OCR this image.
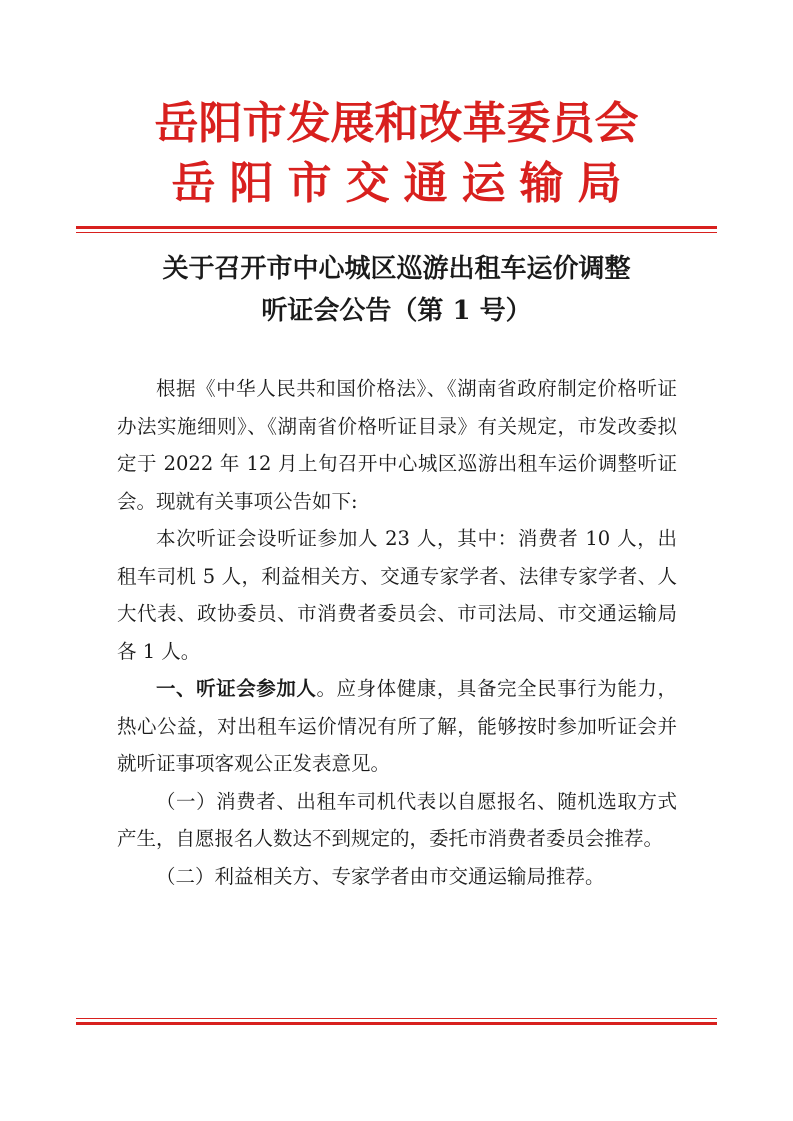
岳阳市发展和改革委员会
岳阳市交通运输局
关于召开市中心城区巡游出租车运价调整
听证会公告（第 1 号）

根据《中华人民共和国价格法》、《湖南省政府制定价格听证办法实施细则》、《湖南省价格听证目录》有关规定，市发改委拟定于 2022 年 12 月上旬召开中心城区巡游出租车运价调整听证会。现就有关事项公告如下:

本次听证会设听证参加人 23 人，其中：消费者 10 人，出租车司机 5 人，利益相关方、交通专家学者、法律专家学者、人大代表、政协委员、市消费者委员会、市司法局、市交通运输局各 1 人。

一、听证会参加人。应身体健康，具备完全民事行为能力，热心公益，对出租车运价情况有所了解，能够按时参加听证会并就听证事项客观公正发表意见。

（一）消费者、出租车司机代表以自愿报名、随机选取方式产生，自愿报名人数达不到规定的，委托市消费者委员会推荐。

（二）利益相关方、专家学者由市交通运输局推荐。
